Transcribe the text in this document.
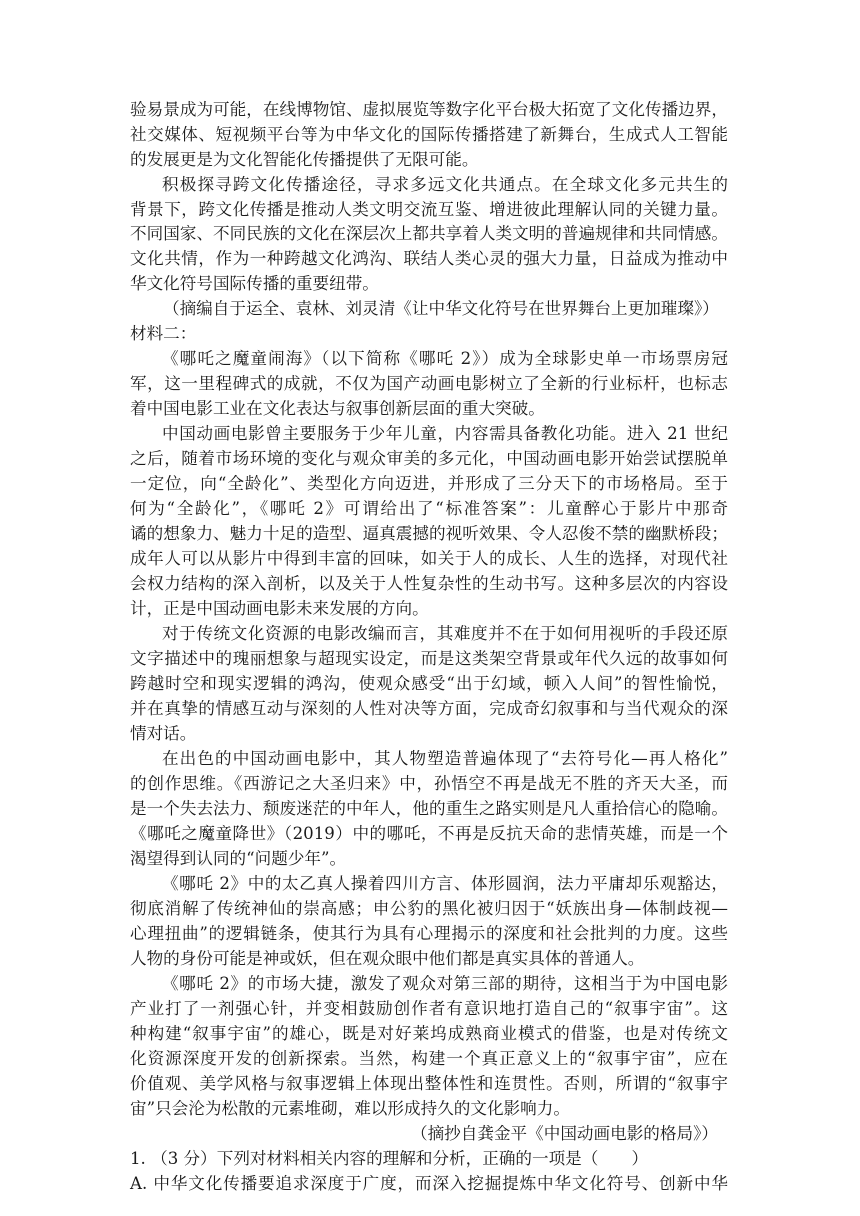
验易景成为可能，在线博物馆、虚拟展览等数字化平台极大拓宽了文化传播边界，
社交媒体、短视频平台等为中华文化的国际传播搭建了新舞台，生成式人工智能
的发展更是为文化智能化传播提供了无限可能。
积极探寻跨文化传播途径，寻求多远文化共通点。在全球文化多元共生的
背景下，跨文化传播是推动人类文明交流互鉴、增进彼此理解认同的关键力量。
不同国家、不同民族的文化在深层次上都共享着人类文明的普遍规律和共同情感。
文化共情，作为一种跨越文化鸿沟、联结人类心灵的强大力量，日益成为推动中
华文化符号国际传播的重要纽带。
（摘编自于运全、袁林、刘灵清《让中华文化符号在世界舞台上更加璀璨》）
材料二：
《哪吒之魔童闹海》（以下简称《哪吒 2》）成为全球影史单一市场票房冠
军，这一里程碑式的成就，不仅为国产动画电影树立了全新的行业标杆，也标志
着中国电影工业在文化表达与叙事创新层面的重大突破。
中国动画电影曾主要服务于少年儿童，内容需具备教化功能。进入 21 世纪
之后，随着市场环境的变化与观众审美的多元化，中国动画电影开始尝试摆脱单
一定位，向“全龄化”、类型化方向迈进，并形成了三分天下的市场格局。至于
何为“全龄化”，《哪吒 2》可谓给出了“标准答案”：儿童醉心于影片中那奇
谲的想象力、魅力十足的造型、逼真震撼的视听效果、令人忍俊不禁的幽默桥段；
成年人可以从影片中得到丰富的回味，如关于人的成长、人生的选择，对现代社
会权力结构的深入剖析，以及关于人性复杂性的生动书写。这种多层次的内容设
计，正是中国动画电影未来发展的方向。
对于传统文化资源的电影改编而言，其难度并不在于如何用视听的手段还原
文字描述中的瑰丽想象与超现实设定，而是这类架空背景或年代久远的故事如何
跨越时空和现实逻辑的鸿沟，使观众感受“出于幻域，顿入人间”的智性愉悦，
并在真挚的情感互动与深刻的人性对决等方面，完成奇幻叙事和与当代观众的深
情对话。
在出色的中国动画电影中，其人物塑造普遍体现了“去符号化—再人格化”
的创作思维。《西游记之大圣归来》中，孙悟空不再是战无不胜的齐天大圣，而
是一个失去法力、颓废迷茫的中年人，他的重生之路实则是凡人重拾信心的隐喻。
《哪吒之魔童降世》（2019）中的哪吒，不再是反抗天命的悲情英雄，而是一个
渴望得到认同的“问题少年”。
《哪吒 2》中的太乙真人操着四川方言、体形圆润，法力平庸却乐观豁达，
彻底消解了传统神仙的崇高感；申公豹的黑化被归因于“妖族出身—体制歧视—
心理扭曲”的逻辑链条，使其行为具有心理揭示的深度和社会批判的力度。这些
人物的身份可能是神或妖，但在观众眼中他们都是真实具体的普通人。
《哪吒 2》的市场大捷，激发了观众对第三部的期待，这相当于为中国电影
产业打了一剂强心针，并变相鼓励创作者有意识地打造自己的“叙事宇宙”。这
种构建“叙事宇宙”的雄心，既是对好莱坞成熟商业模式的借鉴，也是对传统文
化资源深度开发的创新探索。当然，构建一个真正意义上的“叙事宇宙”，应在
价值观、美学风格与叙事逻辑上体现出整体性和连贯性。否则，所谓的“叙事宇
宙”只会沦为松散的元素堆砌，难以形成持久的文化影响力。
（摘抄自龚金平《中国动画电影的格局》）
1. （3 分）下列对材料相关内容的理解和分析，正确的一项是（　　）
A. 中华文化传播要追求深度于广度，而深入挖掘提炼中华文化符号、创新中华
